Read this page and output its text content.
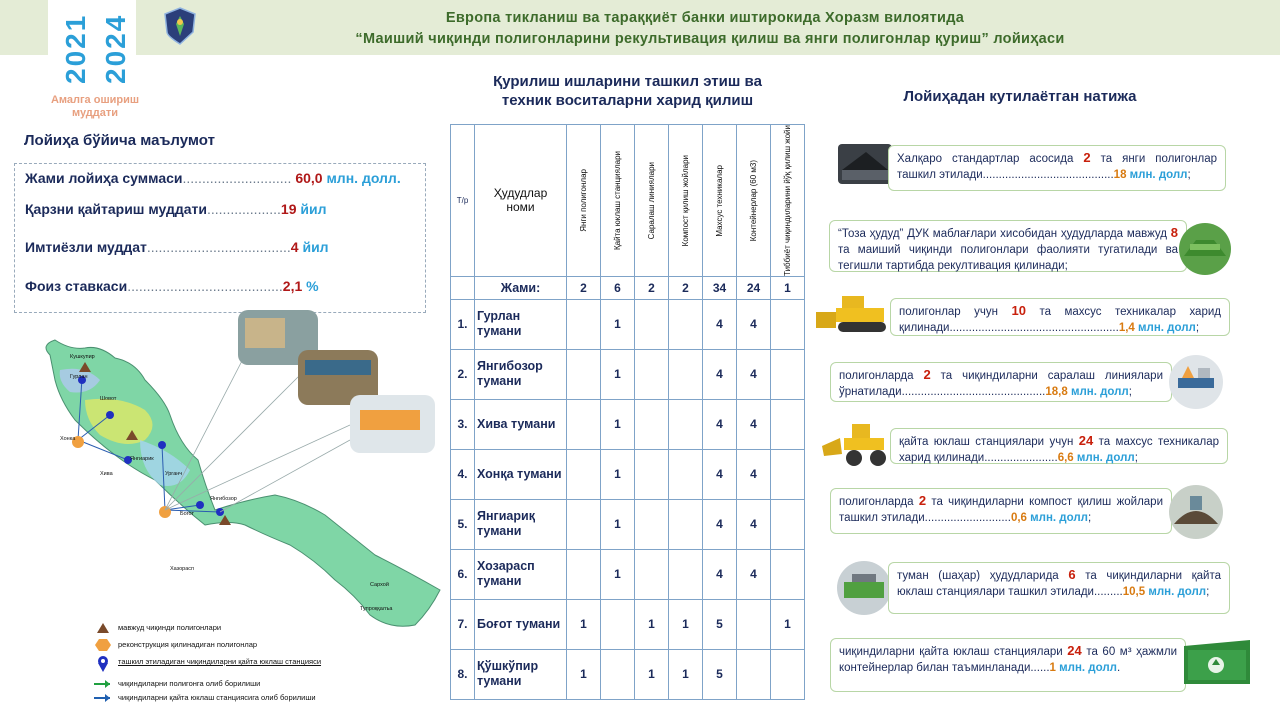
2021 2024	Европа тикланиш ва тараққиёт банки иштирокида Хоразм вилоятида
“Маиший чиқинди полигонларини рекультивация қилиш ва янги полигонлар қуриш” лойиҳаси
Амалга ошириш муддати
Лойиҳа бўйича маълумот
Жами лойиҳа суммаси............................ 60,0 млн. долл.
Қарзни қайтариш муддати...................19 йил
Имтиёзли муддат.....................................4 йил
Фоиз ставкаси........................................2,1 %
Гурлан
Хазорасп
Хонка
Хива
Богот
Урганч
Янгиарик
Кушкупир
Шовот
Янгибозор
Сархой
Тупроққалъа
мавжуд чиқинди полигонлари
реконструкция қилинадиган полигонлар
ташкил этиладиган чиқиндиларни қайта юклаш станцияси
чиқиндиларни полигонга олиб борилиши
чиқиндиларни қайта юклаш станциясига олиб борилиши
Қурилиш ишларини ташкил этиш ва
техник воситаларни харид қилиш
Т/р	Ҳудудлар номи	Янги полигонлар	Қайта юклаш станциялари	Саралаш линиялари	Компост қилиш жойлари	Махсус техникалар	Контейнерлар (60 м3)	Тиббиёт чиқиндиларини йўқ қилиш жойи

	Жами:	2	6	2	2	34	24	1
1.	Гурлан тумани		1			4	4	
2.	Янгибозор тумани		1			4	4	
3.	Хива тумани		1			4	4	
4.	Хонқа тумани		1			4	4	
5.	Янгиариқ тумани		1			4	4	
6.	Хозарасп тумани		1			4	4	
7.	Боғот тумани	1		1	1	5		1
8.	Қўшкўпир тумани	1		1	1	5		
Лойиҳадан кутилаётган натижа
Халқаро стандартлар асосида 2 та янги полигонлар ташкил этилади.........................................18 млн. долл;
“Тоза ҳудуд” ДУК маблағлари хисобидан ҳудудларда мавжуд 8 та маиший чиқинди полигонлари фаолияти тугатилади ва тегишли тартибда рекултивация қилинади;
полигонлар учун 10 та махсус техникалар харид қилинади.....................................................1,4 млн. долл;
полигонларда 2 та чиқиндиларни саралаш линиялари ўрнатилади.............................................18,8 млн. долл;
қайта юклаш станциялари учун 24 та махсус техникалар харид қилинади.......................6,6 млн. долл;
полигонларда 2 та чиқиндиларни компост қилиш жойлари ташкил этилади...........................0,6 млн. долл;
туман (шаҳар) ҳудудларида 6 та чиқиндиларни қайта юклаш станциялари ташкил этилади.........10,5 млн. долл;
чиқиндиларни қайта юклаш станциялари 24 та 60 м³ ҳажмли контейнерлар билан таъминланади......1 млн. долл.
